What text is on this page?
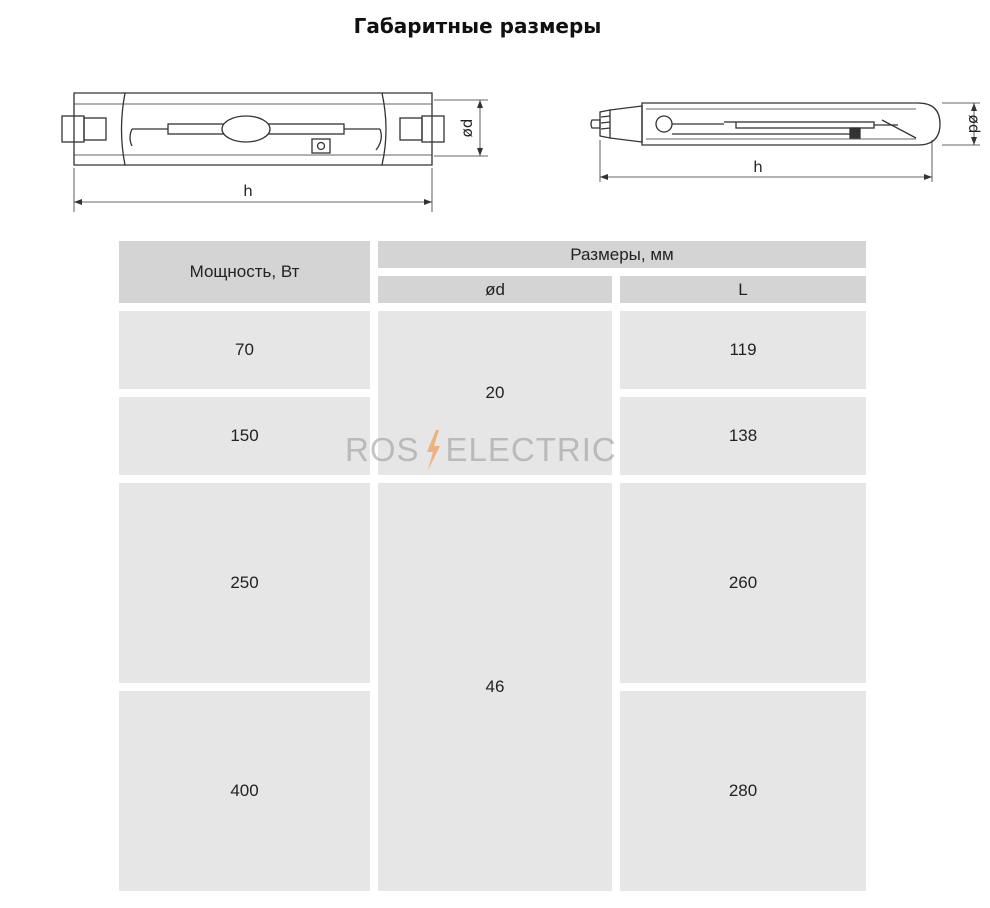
Габаритные размеры
h
ød
h
ød
Мощность, Вт
Размеры, мм
ød	L
70
150
250
400
20
46
119
138
260
280
ROS ELECTRIC
